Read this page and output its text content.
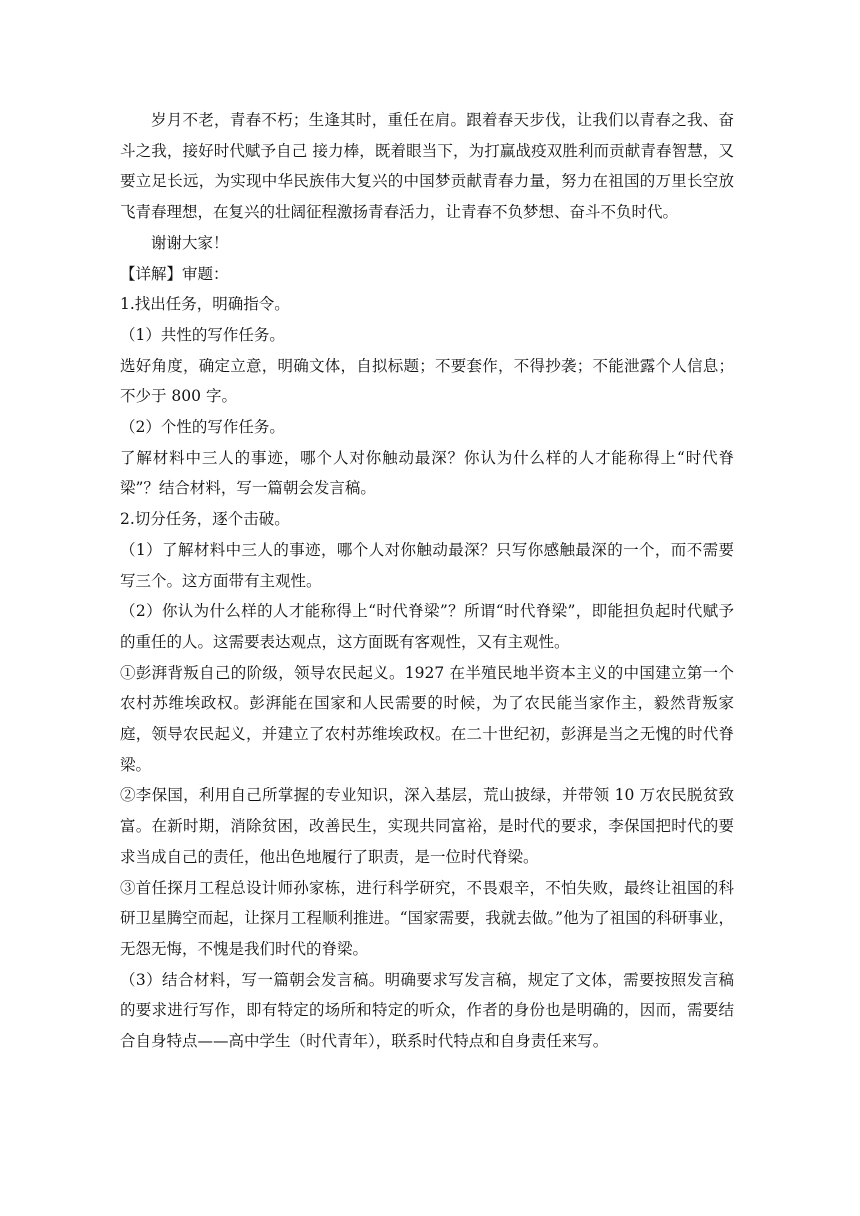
岁月不老，青春不朽；生逢其时，重任在肩。跟着春天步伐，让我们以青春之我、奋斗之我，接好时代赋予自己 接力棒，既着眼当下，为打赢战疫双胜利而贡献青春智慧，又要立足长远，为实现中华民族伟大复兴的中国梦贡献青春力量，努力在祖国的万里长空放飞青春理想，在复兴的壮阔征程激扬青春活力，让青春不负梦想、奋斗不负时代。

谢谢大家！

【详解】审题：

1.找出任务，明确指令。

（1）共性的写作任务。

选好角度，确定立意，明确文体，自拟标题；不要套作，不得抄袭；不能泄露个人信息；不少于 800 字。

（2）个性的写作任务。

了解材料中三人的事迹，哪个人对你触动最深？你认为什么样的人才能称得上“时代脊梁”？结合材料，写一篇朝会发言稿。

2.切分任务，逐个击破。

（1）了解材料中三人的事迹，哪个人对你触动最深？只写你感触最深的一个，而不需要写三个。这方面带有主观性。

（2）你认为什么样的人才能称得上“时代脊梁”？所谓“时代脊梁”，即能担负起时代赋予的重任的人。这需要表达观点，这方面既有客观性，又有主观性。

①彭湃背叛自己的阶级，领导农民起义。1927 在半殖民地半资本主义的中国建立第一个农村苏维埃政权。彭湃能在国家和人民需要的时候，为了农民能当家作主，毅然背叛家庭，领导农民起义，并建立了农村苏维埃政权。在二十世纪初，彭湃是当之无愧的时代脊梁。

②李保国，利用自己所掌握的专业知识，深入基层，荒山披绿，并带领 10 万农民脱贫致富。在新时期，消除贫困，改善民生，实现共同富裕，是时代的要求，李保国把时代的要求当成自己的责任，他出色地履行了职责，是一位时代脊梁。

③首任探月工程总设计师孙家栋，进行科学研究，不畏艰辛，不怕失败，最终让祖国的科研卫星腾空而起，让探月工程顺利推进。“国家需要，我就去做。”他为了祖国的科研事业，无怨无悔，不愧是我们时代的脊梁。

（3）结合材料，写一篇朝会发言稿。明确要求写发言稿，规定了文体，需要按照发言稿的要求进行写作，即有特定的场所和特定的听众，作者的身份也是明确的，因而，需要结合自身特点——高中学生（时代青年），联系时代特点和自身责任来写。
